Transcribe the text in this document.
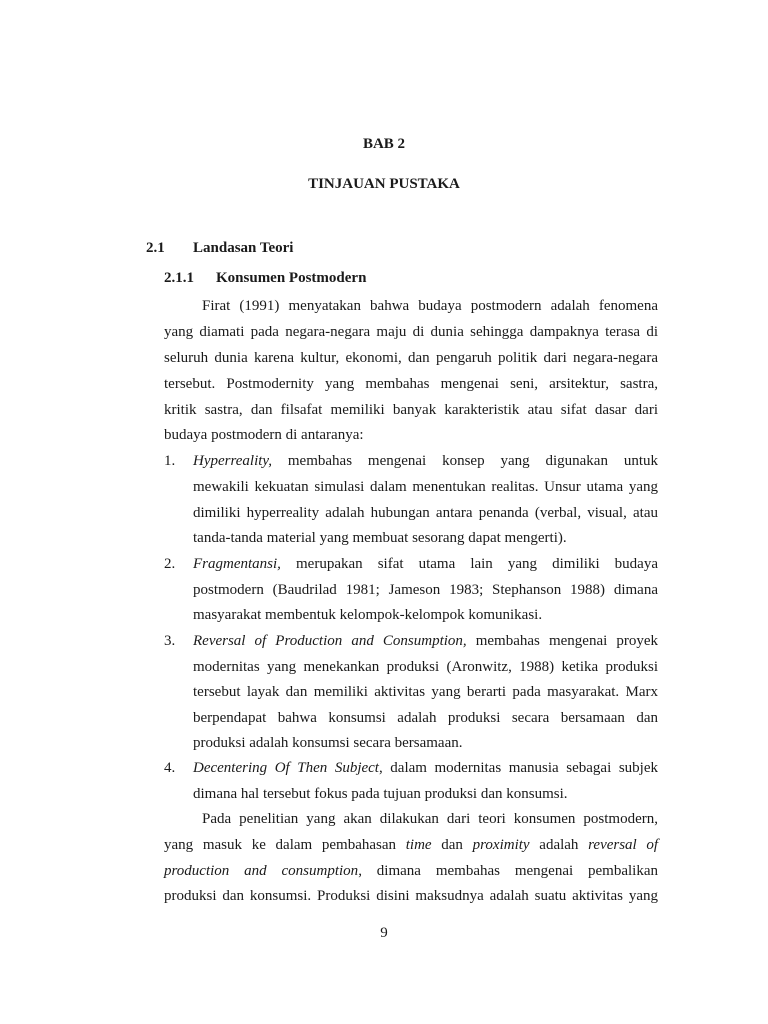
BAB 2
TINJAUAN PUSTAKA
2.1 Landasan Teori
2.1.1 Konsumen Postmodern
Firat (1991) menyatakan bahwa budaya postmodern adalah fenomena
yang diamati pada negara-negara maju di dunia sehingga dampaknya terasa di
seluruh dunia karena kultur, ekonomi, dan pengaruh politik dari negara-negara
tersebut. Postmodernity yang membahas mengenai seni, arsitektur, sastra,
kritik sastra, dan filsafat memiliki banyak karakteristik atau sifat dasar dari
budaya postmodern di antaranya:
1. Hyperreality, membahas mengenai konsep yang digunakan untuk
mewakili kekuatan simulasi dalam menentukan realitas. Unsur utama yang
dimiliki hyperreality adalah hubungan antara penanda (verbal, visual, atau
tanda-tanda material yang membuat sesorang dapat mengerti).
2. Fragmentansi, merupakan sifat utama lain yang dimiliki budaya
postmodern (Baudrilad 1981; Jameson 1983; Stephanson 1988) dimana
masyarakat membentuk kelompok-kelompok komunikasi.
3. Reversal of Production and Consumption, membahas mengenai proyek
modernitas yang menekankan produksi (Aronwitz, 1988) ketika produksi
tersebut layak dan memiliki aktivitas yang berarti pada masyarakat. Marx
berpendapat bahwa konsumsi adalah produksi secara bersamaan dan
produksi adalah konsumsi secara bersamaan.
4. Decentering Of Then Subject, dalam modernitas manusia sebagai subjek
dimana hal tersebut fokus pada tujuan produksi dan konsumsi.
Pada penelitian yang akan dilakukan dari teori konsumen postmodern,
yang masuk ke dalam pembahasan time dan proximity adalah reversal of
production and consumption, dimana membahas mengenai pembalikan
produksi dan konsumsi. Produksi disini maksudnya adalah suatu aktivitas yang
9
